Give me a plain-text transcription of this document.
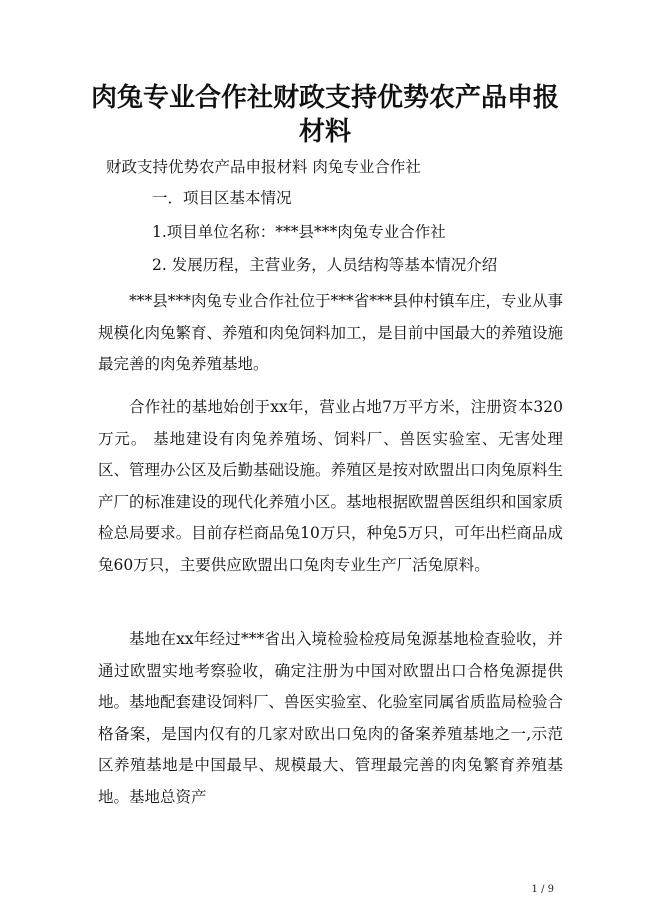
肉兔专业合作社财政支持优势农产品申报
材料
财政支持优势农产品申报材料 肉兔专业合作社
一．项目区基本情况
1.项目单位名称：***县***肉兔专业合作社
2. 发展历程，主营业务，人员结构等基本情况介绍
***县***肉兔专业合作社位于***省***县仲村镇车庄，专业从事规模化肉兔繁育、养殖和肉兔饲料加工，是目前中国最大的养殖设施最完善的肉兔养殖基地。
合作社的基地始创于xx年，营业占地7万平方米，注册资本320万元。 基地建设有肉兔养殖场、饲料厂、兽医实验室、无害处理区、管理办公区及后勤基础设施。养殖区是按对欧盟出口肉兔原料生产厂的标准建设的现代化养殖小区。基地根据欧盟兽医组织和国家质检总局要求。目前存栏商品兔10万只，种兔5万只，可年出栏商品成兔60万只，主要供应欧盟出口兔肉专业生产厂活兔原料。
基地在xx年经过***省出入境检验检疫局兔源基地检查验收，并通过欧盟实地考察验收，确定注册为中国对欧盟出口合格兔源提供地。基地配套建设饲料厂、兽医实验室、化验室同属省质监局检验合格备案，是国内仅有的几家对欧出口兔肉的备案养殖基地之一,示范区养殖基地是中国最早、规模最大、管理最完善的肉兔繁育养殖基地。基地总资产
1 / 9
